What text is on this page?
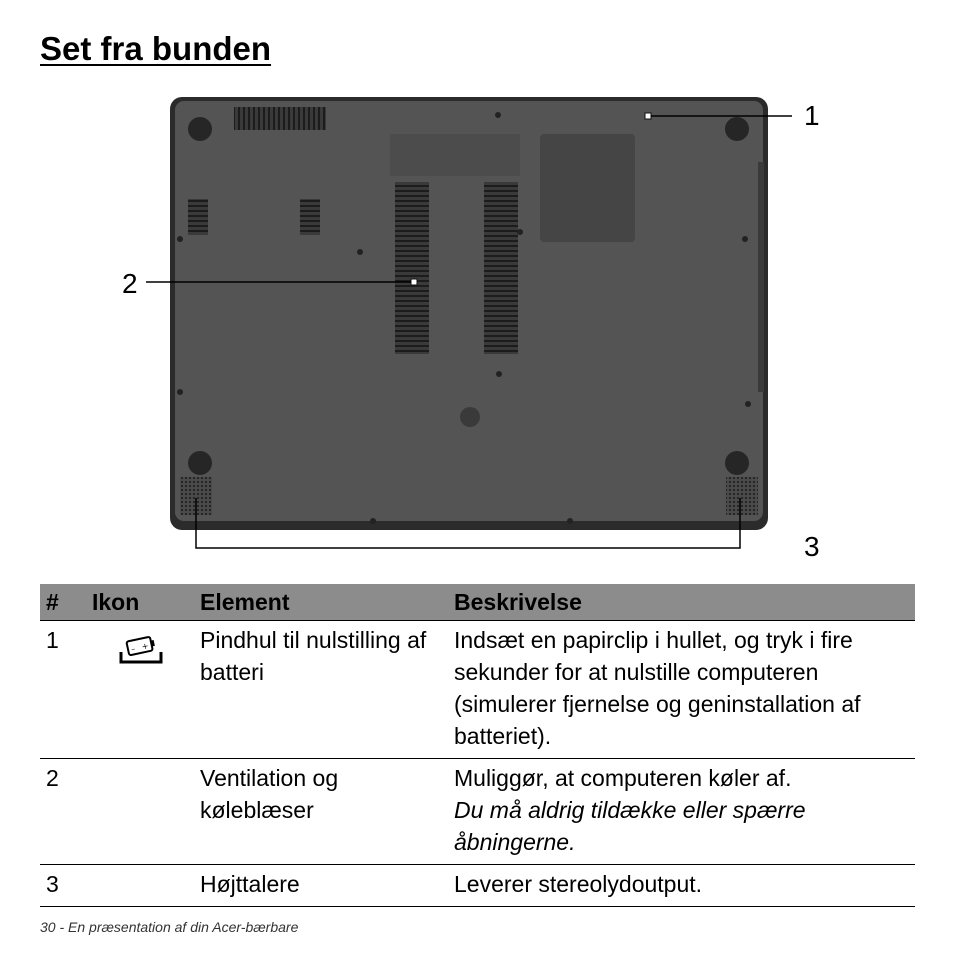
Set fra bunden
1
2
3
#	Ikon	Element	Beskrivelse
1	– +	Pindhul til nulstilling af batteri	Indsæt en papirclip i hullet, og tryk i fire sekunder for at nulstille computeren (simulerer fjernelse og geninstallation af batteriet).
2		Ventilation og køleblæser	Muliggør, at computeren køler af.
Du må aldrig tildække eller spærre åbningerne.

3		Højttalere	Leverer stereolydoutput.
30 - En præsentation af din Acer-bærbare
